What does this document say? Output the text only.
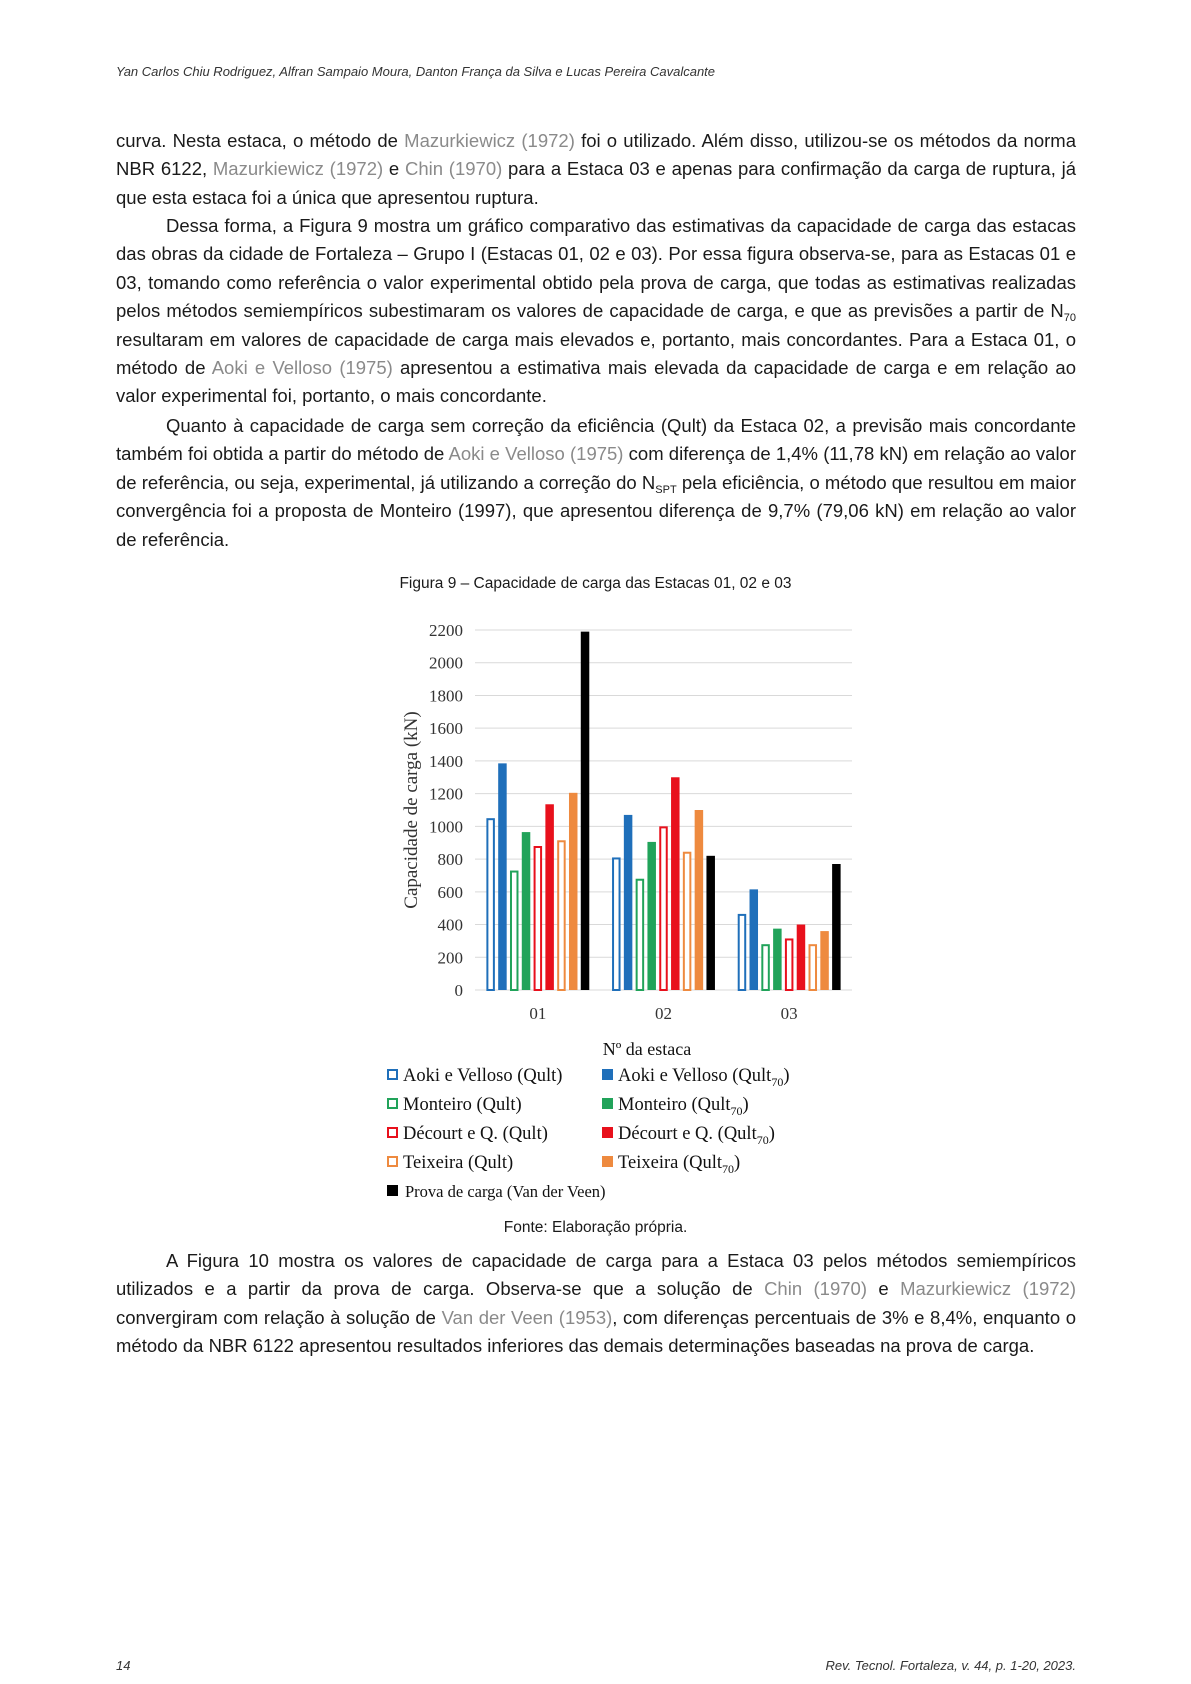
Yan Carlos Chiu Rodriguez, Alfran Sampaio Moura, Danton França da Silva e Lucas Pereira Cavalcante

curva. Nesta estaca, o método de Mazurkiewicz (1972) foi o utilizado. Além disso, utilizou-se os métodos da norma NBR 6122, Mazurkiewicz (1972) e Chin (1970) para a Estaca 03 e apenas para confirmação da carga de ruptura, já que esta estaca foi a única que apresentou ruptura.

Dessa forma, a Figura 9 mostra um gráfico comparativo das estimativas da capacidade de carga das estacas das obras da cidade de Fortaleza – Grupo I (Estacas 01, 02 e 03). Por essa figura observa-se, para as Estacas 01 e 03, tomando como referência o valor experimental obtido pela prova de carga, que todas as estimativas realizadas pelos métodos semiempíricos subestimaram os valores de capacidade de carga, e que as previsões a partir de $N_{70}$ resultaram em valores de capacidade de carga mais elevados e, portanto, mais concordantes. Para a Estaca 01, o método de Aoki e Velloso (1975) apresentou a estimativa mais elevada da capacidade de carga e em relação ao valor experimental foi, portanto, o mais concordante.

Quanto à capacidade de carga sem correção da eficiência (Qult) da Estaca 02, a previsão mais concordante também foi obtida a partir do método de Aoki e Velloso (1975) com diferença de 1,4% (11,78 kN) em relação ao valor de referência, ou seja, experimental, já utilizando a correção do $N_{SPT}$ pela eficiência, o método que resultou em maior convergência foi a proposta de Monteiro (1997), que apresentou diferença de 9,7% (79,06 kN) em relação ao valor de referência.

Figura 9 – Capacidade de carga das Estacas 01, 02 e 03
0
200
400
600
800
1000
1200
1400
1600
1800
2000
2200
Capacidade de carga (kN)
01	02	03
Nº da estaca
Aoki e Velloso (Qult)	Aoki e Velloso (Qult$_{70}$)
Monteiro (Qult)	Monteiro (Qult$_{70}$)
Décourt e Q. (Qult)	Décourt e Q. (Qult$_{70}$)
Teixeira (Qult)	Teixeira (Qult$_{70}$)
Prova de carga (Van der Veen)
Fonte: Elaboração própria.

A Figura 10 mostra os valores de capacidade de carga para a Estaca 03 pelos métodos semiempíricos utilizados e a partir da prova de carga. Observa-se que a solução de Chin (1970) e Mazurkiewicz (1972) convergiram com relação à solução de Van der Veen (1953), com diferenças percentuais de 3% e 8,4%, enquanto o método da NBR 6122 apresentou resultados inferiores das demais determinações baseadas na prova de carga.

14	Rev. Tecnol. Fortaleza, v. 44, p. 1-20, 2023.
